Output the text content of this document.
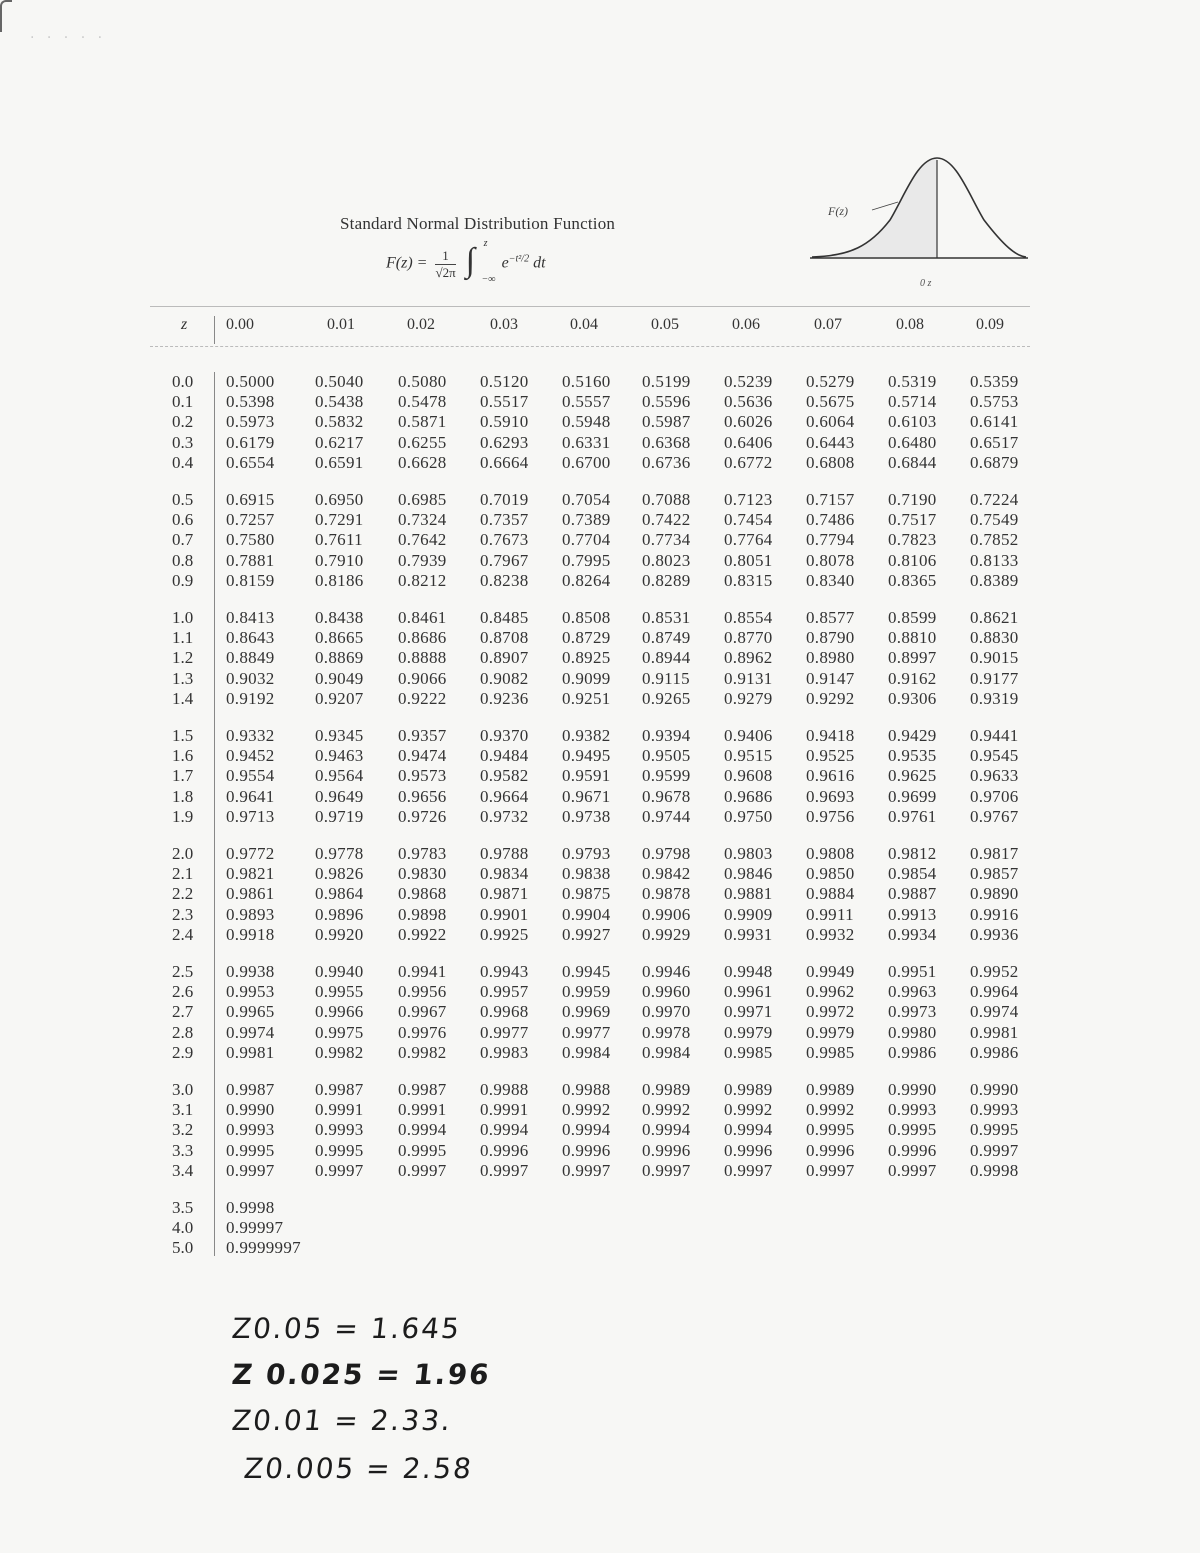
· · · · ·
Standard Normal Distribution Function
$F(z) = \frac{1}{√2\pi}$
∫ z
−∞
$e^{-t^2/2}$ dt
F(z)
0 z
z 0.00	0.01	0.02	0.03	0.04	0.05	0.06	0.07	0.08	0.09
0.0 0.5000 0.5040 0.5080 0.5120 0.5160 0.5199 0.5239 0.5279 0.5319 0.5359
0.1 0.5398 0.5438 0.5478 0.5517 0.5557 0.5596 0.5636 0.5675 0.5714 0.5753
0.2 0.5973 0.5832 0.5871 0.5910 0.5948 0.5987 0.6026 0.6064 0.6103 0.6141
0.3 0.6179 0.6217 0.6255 0.6293 0.6331 0.6368 0.6406 0.6443 0.6480 0.6517
0.4 0.6554 0.6591 0.6628 0.6664 0.6700 0.6736 0.6772 0.6808 0.6844 0.6879
0.5 0.6915 0.6950 0.6985 0.7019 0.7054 0.7088 0.7123 0.7157 0.7190 0.7224
0.6 0.7257 0.7291 0.7324 0.7357 0.7389 0.7422 0.7454 0.7486 0.7517 0.7549
0.7 0.7580 0.7611 0.7642 0.7673 0.7704 0.7734 0.7764 0.7794 0.7823 0.7852
0.8 0.7881 0.7910 0.7939 0.7967 0.7995 0.8023 0.8051 0.8078 0.8106 0.8133
0.9 0.8159 0.8186 0.8212 0.8238 0.8264 0.8289 0.8315 0.8340 0.8365 0.8389
1.0 0.8413 0.8438 0.8461 0.8485 0.8508 0.8531 0.8554 0.8577 0.8599 0.8621
1.1 0.8643 0.8665 0.8686 0.8708 0.8729 0.8749 0.8770 0.8790 0.8810 0.8830
1.2 0.8849 0.8869 0.8888 0.8907 0.8925 0.8944 0.8962 0.8980 0.8997 0.9015
1.3 0.9032 0.9049 0.9066 0.9082 0.9099 0.9115 0.9131 0.9147 0.9162 0.9177
1.4 0.9192 0.9207 0.9222 0.9236 0.9251 0.9265 0.9279 0.9292 0.9306 0.9319
1.5 0.9332 0.9345 0.9357 0.9370 0.9382 0.9394 0.9406 0.9418 0.9429 0.9441
1.6 0.9452 0.9463 0.9474 0.9484 0.9495 0.9505 0.9515 0.9525 0.9535 0.9545
1.7 0.9554 0.9564 0.9573 0.9582 0.9591 0.9599 0.9608 0.9616 0.9625 0.9633
1.8 0.9641 0.9649 0.9656 0.9664 0.9671 0.9678 0.9686 0.9693 0.9699 0.9706
1.9 0.9713 0.9719 0.9726 0.9732 0.9738 0.9744 0.9750 0.9756 0.9761 0.9767
2.0 0.9772 0.9778 0.9783 0.9788 0.9793 0.9798 0.9803 0.9808 0.9812 0.9817
2.1 0.9821 0.9826 0.9830 0.9834 0.9838 0.9842 0.9846 0.9850 0.9854 0.9857
2.2 0.9861 0.9864 0.9868 0.9871 0.9875 0.9878 0.9881 0.9884 0.9887 0.9890
2.3 0.9893 0.9896 0.9898 0.9901 0.9904 0.9906 0.9909 0.9911 0.9913 0.9916
2.4 0.9918 0.9920 0.9922 0.9925 0.9927 0.9929 0.9931 0.9932 0.9934 0.9936
2.5 0.9938 0.9940 0.9941 0.9943 0.9945 0.9946 0.9948 0.9949 0.9951 0.9952
2.6 0.9953 0.9955 0.9956 0.9957 0.9959 0.9960 0.9961 0.9962 0.9963 0.9964
2.7 0.9965 0.9966 0.9967 0.9968 0.9969 0.9970 0.9971 0.9972 0.9973 0.9974
2.8 0.9974 0.9975 0.9976 0.9977 0.9977 0.9978 0.9979 0.9979 0.9980 0.9981
2.9 0.9981 0.9982 0.9982 0.9983 0.9984 0.9984 0.9985 0.9985 0.9986 0.9986
3.0 0.9987 0.9987 0.9987 0.9988 0.9988 0.9989 0.9989 0.9989 0.9990 0.9990
3.1 0.9990 0.9991 0.9991 0.9991 0.9992 0.9992 0.9992 0.9992 0.9993 0.9993
3.2 0.9993 0.9993 0.9994 0.9994 0.9994 0.9994 0.9994 0.9995 0.9995 0.9995
3.3 0.9995 0.9995 0.9995 0.9996 0.9996 0.9996 0.9996 0.9996 0.9996 0.9997
3.4 0.9997 0.9997 0.9997 0.9997 0.9997 0.9997 0.9997 0.9997 0.9997 0.9998
3.5 0.9998
4.0 0.99997
5.0 0.9999997
Z0.05 = 1.645
Z 0.025 = 1.96
Z0.01 = 2.33.
Z0.005 = 2.58
